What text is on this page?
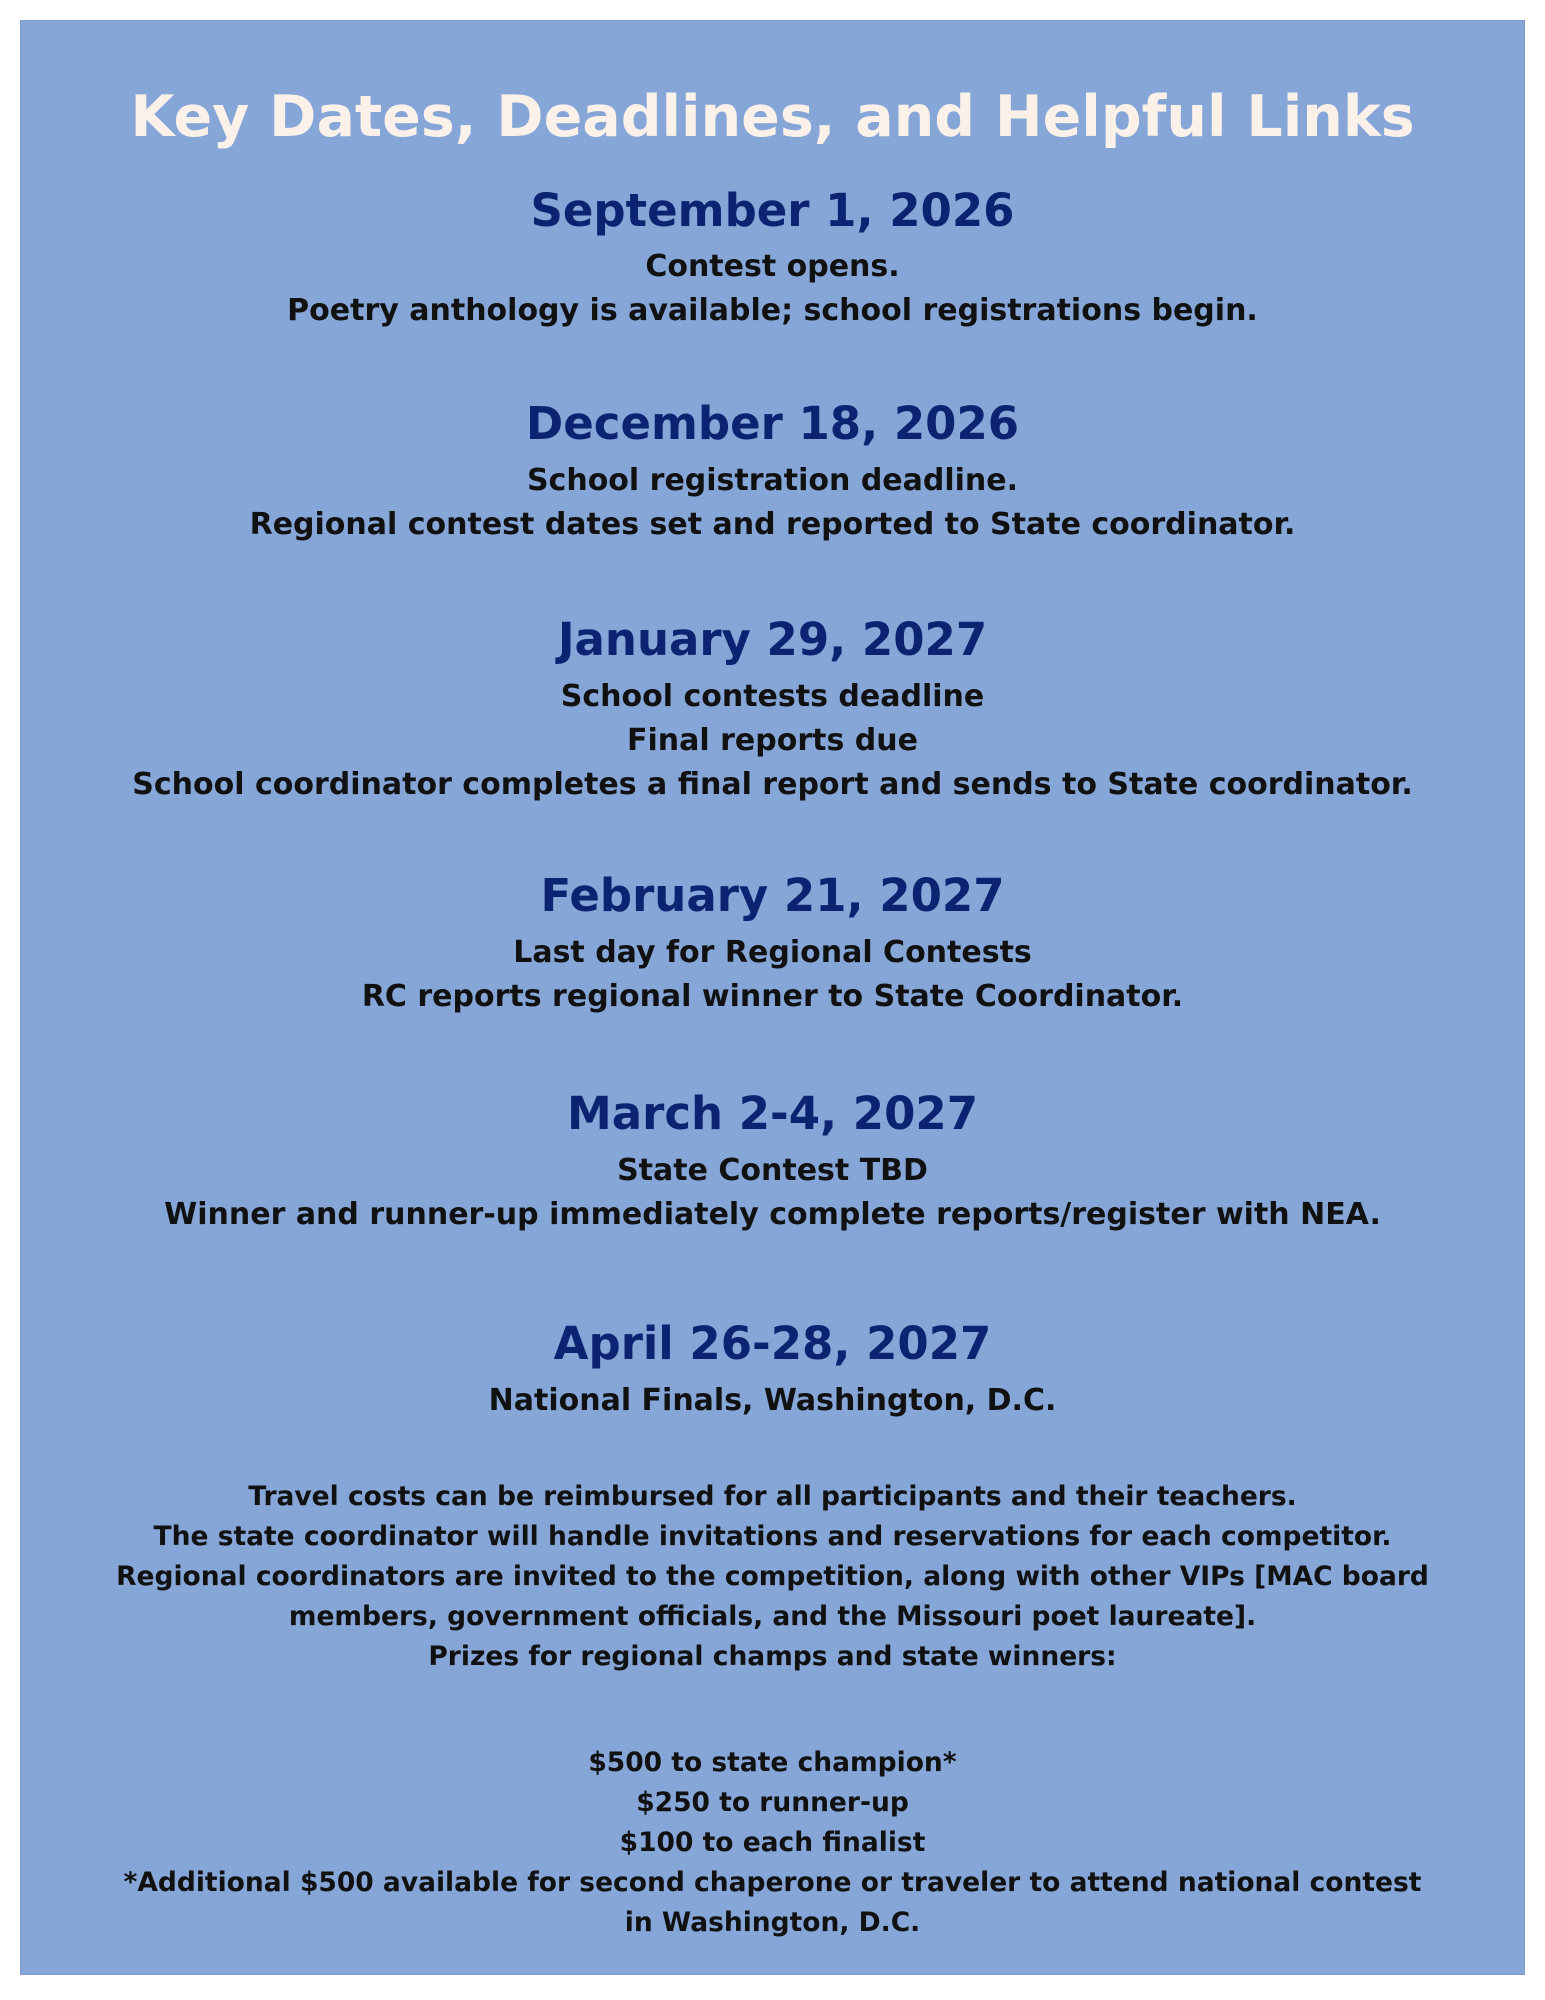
Key Dates, Deadlines, and Helpful Links
September 1, 2026

Contest opens.

Poetry anthology is available; school registrations begin.

December 18, 2026

School registration deadline.

Regional contest dates set and reported to State coordinator.

January 29, 2027

School contests deadline

Final reports due

School coordinator completes a final report and sends to State coordinator.

February 21, 2027

Last day for Regional Contests

RC reports regional winner to State Coordinator.

March 2-4, 2027

State Contest TBD

Winner and runner-up immediately complete reports/register with NEA.

April 26-28, 2027

National Finals, Washington, D.C.

Travel costs can be reimbursed for all participants and their teachers.

The state coordinator will handle invitations and reservations for each competitor.

Regional coordinators are invited to the competition, along with other VIPs [MAC board

members, government officials, and the Missouri poet laureate].

Prizes for regional champs and state winners:

$500 to state champion*

$250 to runner-up

$100 to each finalist

*Additional $500 available for second chaperone or traveler to attend national contest

in Washington, D.C.
